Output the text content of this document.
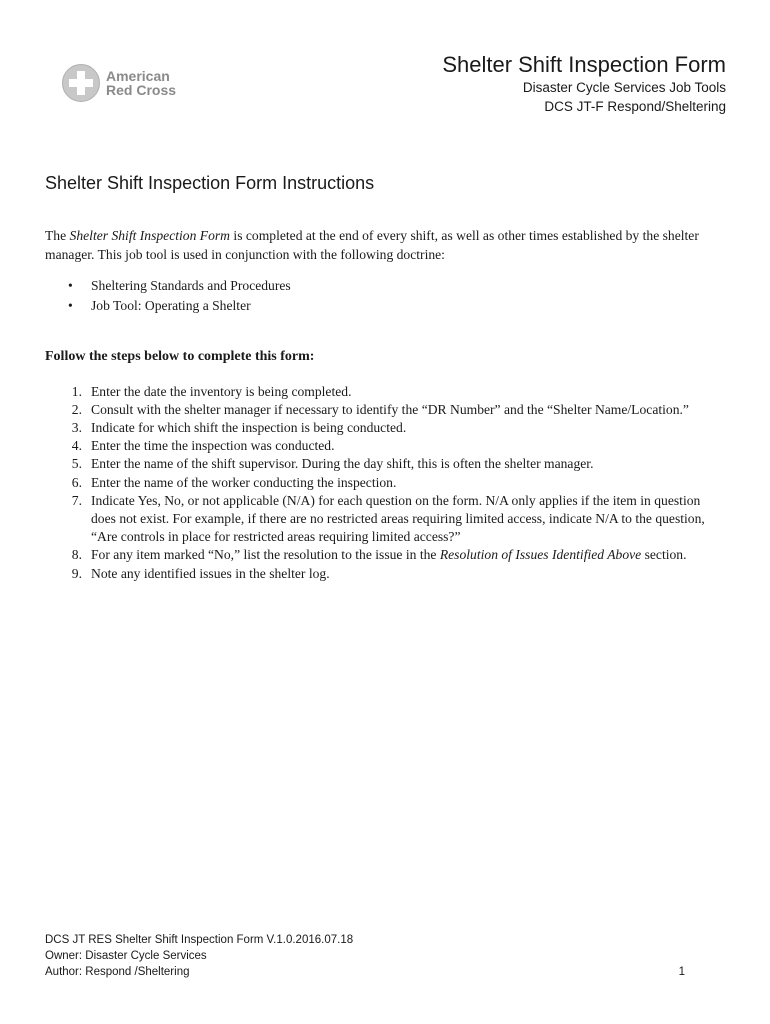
American
Red Cross
Shelter Shift Inspection Form
Disaster Cycle Services Job Tools
DCS JT-F Respond/Sheltering
Shelter Shift Inspection Form Instructions

The Shelter Shift Inspection Form is completed at the end of every shift, as well as other times established by the shelter manager. This job tool is used in conjunction with the following doctrine:

• Sheltering Standards and Procedures
• Job Tool: Operating a Shelter
Follow the steps below to complete this form:
1. Enter the date the inventory is being completed.
2. Consult with the shelter manager if necessary to identify the “DR Number” and the “Shelter Name/Location.”
3. Indicate for which shift the inspection is being conducted.
4. Enter the time the inspection was conducted.
5. Enter the name of the shift supervisor. During the day shift, this is often the shelter manager.
6. Enter the name of the worker conducting the inspection.
7. Indicate Yes, No, or not applicable (N/A) for each question on the form. N/A only applies if the item in question does not exist. For example, if there are no restricted areas requiring limited access, indicate N/A to the question, “Are controls in place for restricted areas requiring limited access?”
8. For any item marked “No,” list the resolution to the issue in the Resolution of Issues Identified Above section.
9. Note any identified issues in the shelter log.
DCS JT RES Shelter Shift Inspection Form V.1.0.2016.07.18
Owner: Disaster Cycle Services
Author: Respond /Sheltering	1
